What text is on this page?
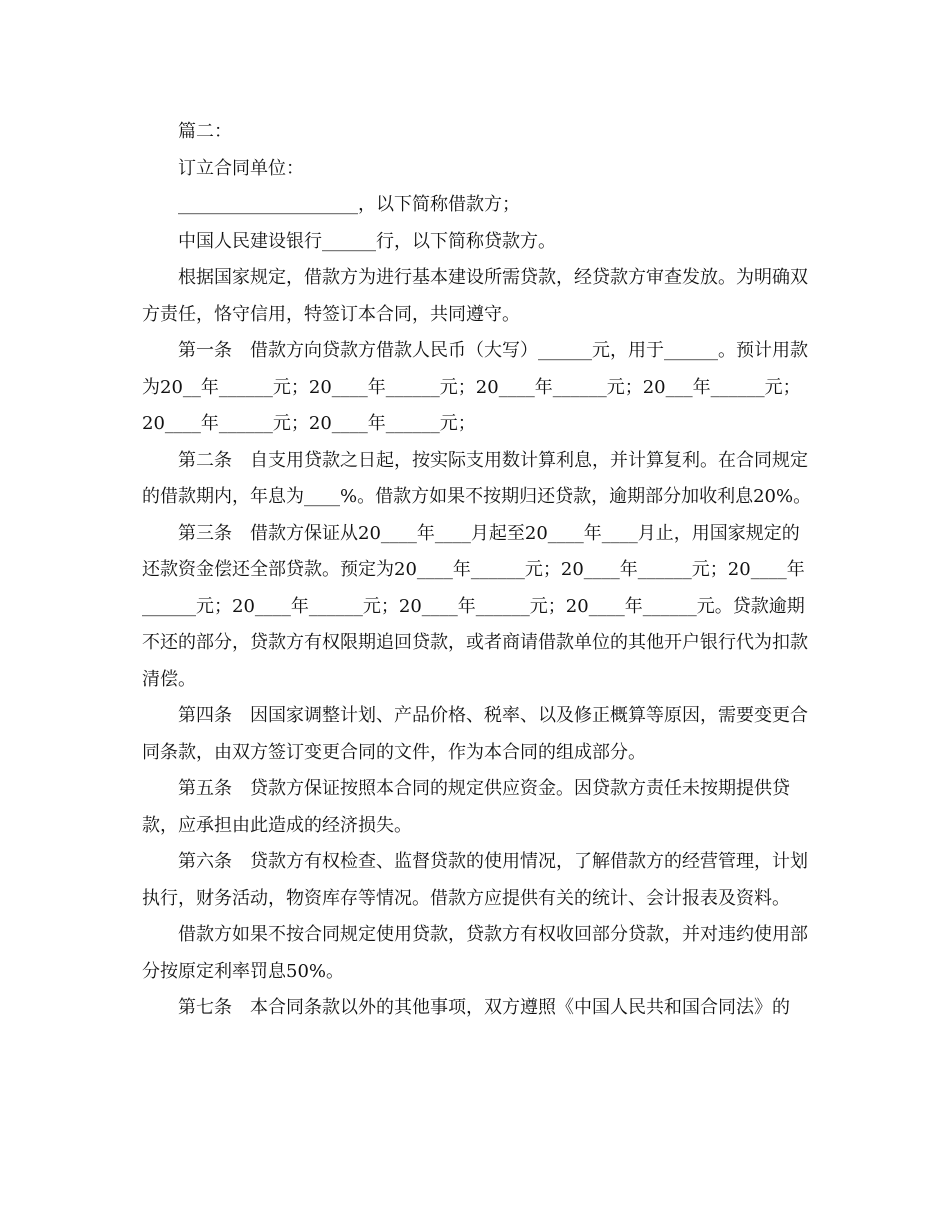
篇二：

订立合同单位：

____________________，以下简称借款方；

中国人民建设银行______行，以下简称贷款方。

根据国家规定，借款方为进行基本建设所需贷款，经贷款方审查发放。为明确双方责任，恪守信用，特签订本合同，共同遵守。

第一条　借款方向贷款方借款人民币（大写）______元，用于______。预计用款为20__年______元；20____年______元；20____年______元；20___年______元；20____年______元；20____年______元；

第二条　自支用贷款之日起，按实际支用数计算利息，并计算复利。在合同规定的借款期内，年息为____%。借款方如果不按期归还贷款，逾期部分加收利息20%。

第三条　借款方保证从20____年____月起至20____年____月止，用国家规定的还款资金偿还全部贷款。预定为20____年______元；20____年______元；20____年______元；20____年______元；20____年______元；20____年______元。贷款逾期不还的部分，贷款方有权限期追回贷款，或者商请借款单位的其他开户银行代为扣款清偿。

第四条　因国家调整计划、产品价格、税率、以及修正概算等原因，需要变更合同条款，由双方签订变更合同的文件，作为本合同的组成部分。

第五条　贷款方保证按照本合同的规定供应资金。因贷款方责任未按期提供贷款，应承担由此造成的经济损失。

第六条　贷款方有权检查、监督贷款的使用情况，了解借款方的经营管理，计划执行，财务活动，物资库存等情况。借款方应提供有关的统计、会计报表及资料。

借款方如果不按合同规定使用贷款，贷款方有权收回部分贷款，并对违约使用部分按原定利率罚息50%。

第七条　本合同条款以外的其他事项，双方遵照《中国人民共和国合同法》的
